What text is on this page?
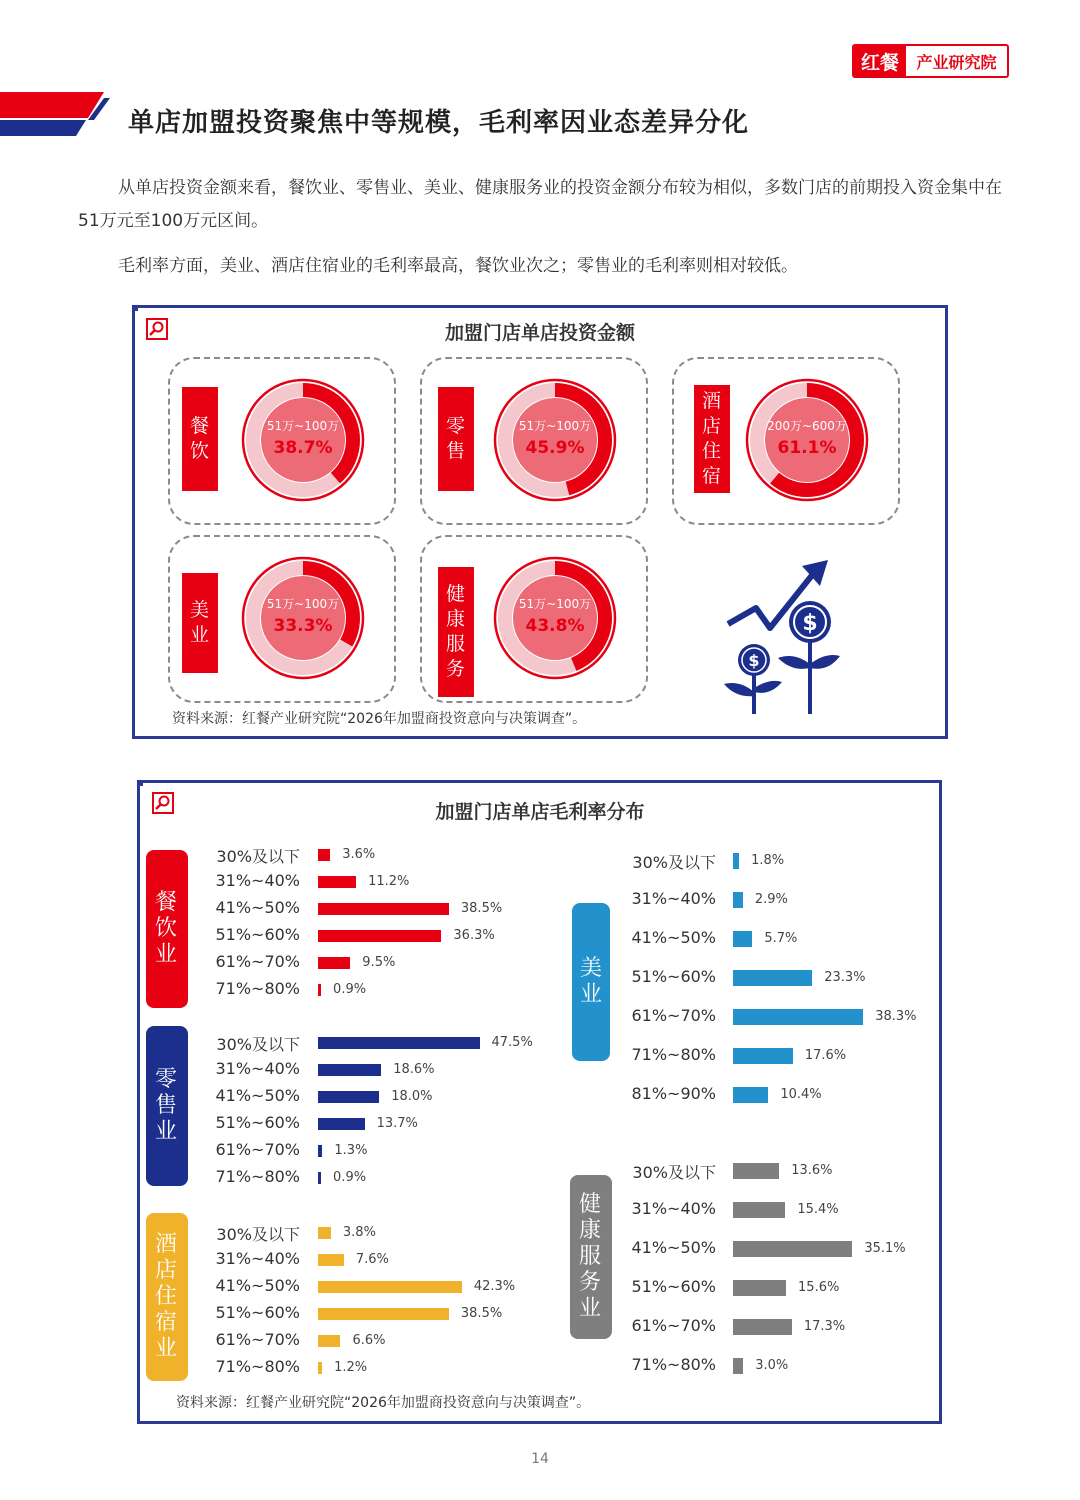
红餐	产业研究院
单店加盟投资聚焦中等规模，毛利率因业态差异分化
从单店投资金额来看，餐饮业、零售业、美业、健康服务业的投资金额分布较为相似，多数门店的前期投入资金集中在51万元至100万元区间。
毛利率方面，美业、酒店住宿业的毛利率最高，餐饮业次之；零售业的毛利率则相对较低。
加盟门店单店投资金额
餐饮
51万~100万
38.7%
零售
51万~100万
45.9%
酒店住宿
200万~600万
61.1%
美业
51万~100万
33.3%
健康服务
51万~100万
43.8%	$
$
资料来源：红餐产业研究院“2026年加盟商投资意向与决策调查”。
加盟门店单店毛利率分布
餐饮业
30%及以下	3.6%
31%~40%	11.2%
41%~50%	38.5%
51%~60%	36.3%
61%~70%	9.5%
71%~80%	0.9%
零售业
30%及以下	47.5%
31%~40%	18.6%
41%~50%	18.0%
51%~60%	13.7%
61%~70%	1.3%
71%~80%	0.9%
酒店住宿业
30%及以下	3.8%
31%~40%	7.6%
41%~50%	42.3%
51%~60%	38.5%
61%~70%	6.6%
71%~80%	1.2%
美业
30%及以下	1.8%
31%~40%	2.9%
41%~50%	5.7%
51%~60%	23.3%
61%~70%	38.3%
71%~80%	17.6%
81%~90%	10.4%
健康服务业
30%及以下	13.6%
31%~40%	15.4%
41%~50%	35.1%
51%~60%	15.6%
61%~70%	17.3%
71%~80%	3.0%
资料来源：红餐产业研究院“2026年加盟商投资意向与决策调查”。
14
